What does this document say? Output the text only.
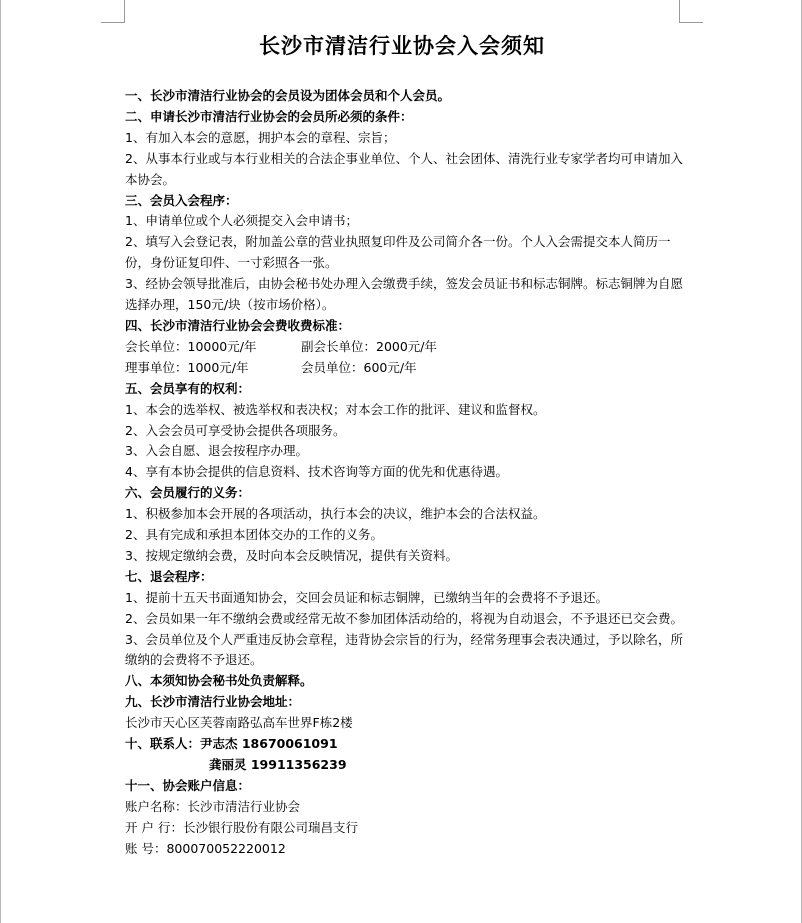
长沙市清洁行业协会入会须知
一、长沙市清洁行业协会的会员设为团体会员和个人会员。
二、申请长沙市清洁行业协会的会员所必须的条件：
1、有加入本会的意愿，拥护本会的章程、宗旨；
2、从事本行业或与本行业相关的合法企事业单位、个人、社会团体、清洗行业专家学者均可申请加入本协会。
三、会员入会程序：
1、申请单位或个人必须提交入会申请书；
2、填写入会登记表，附加盖公章的营业执照复印件及公司简介各一份。个人入会需提交本人简历一份，身份证复印件、一寸彩照各一张。
3、经协会领导批准后，由协会秘书处办理入会缴费手续，签发会员证书和标志铜牌。标志铜牌为自愿选择办理，150元/块（按市场价格）。
四、长沙市清洁行业协会会费收费标准：
会长单位：10000元/年	副会长单位：2000元/年
理事单位：1000元/年	会员单位：600元/年
五、会员享有的权利：
1、本会的选举权、被选举权和表决权；对本会工作的批评、建议和监督权。
2、入会会员可享受协会提供各项服务。
3、入会自愿、退会按程序办理。
4、享有本协会提供的信息资料、技术咨询等方面的优先和优惠待遇。
六、会员履行的义务：
1、积极参加本会开展的各项活动，执行本会的决议，维护本会的合法权益。
2、具有完成和承担本团体交办的工作的义务。
3、按规定缴纳会费，及时向本会反映情况，提供有关资料。
七、退会程序：
1、提前十五天书面通知协会，交回会员证和标志铜牌，已缴纳当年的会费将不予退还。
2、会员如果一年不缴纳会费或经常无故不参加团体活动给的，将视为自动退会，不予退还已交会费。
3、会员单位及个人严重违反协会章程，违背协会宗旨的行为，经常务理事会表决通过，予以除名，所缴纳的会费将不予退还。
八、本须知协会秘书处负责解释。
九、长沙市清洁行业协会地址：
长沙市天心区芙蓉南路弘高车世界F栋2楼
十、联系人：尹志杰 18670061091
龚丽灵 19911356239
十一、协会账户信息：
账户名称：长沙市清洁行业协会
开 户 行：长沙银行股份有限公司瑞昌支行
账 号：800070052220012
